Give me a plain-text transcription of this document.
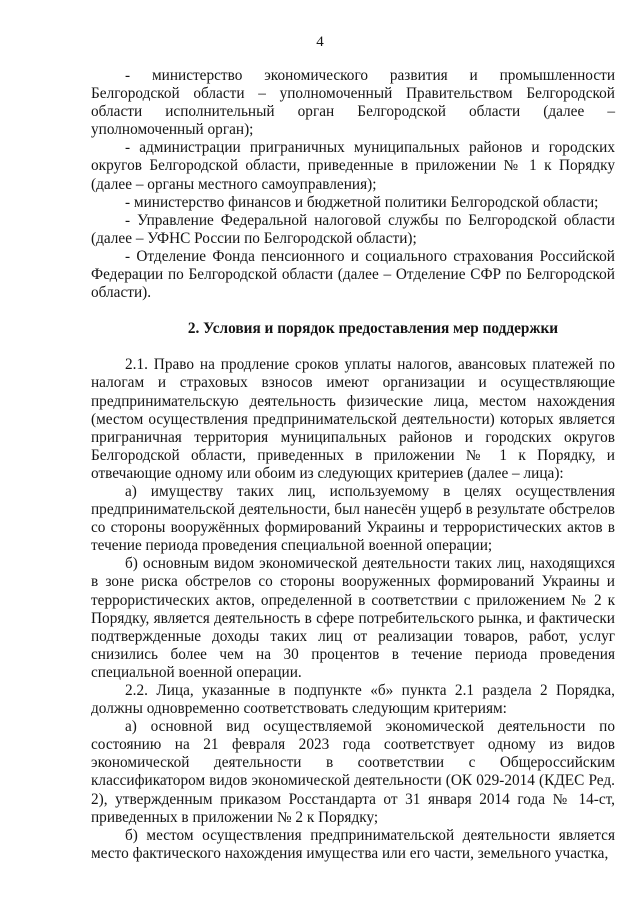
4

- министерство экономического развития и промышленности Белгородской области – уполномоченный Правительством Белгородской области исполнительный орган Белгородской области (далее – уполномоченный орган);

- администрации приграничных муниципальных районов и городских округов Белгородской области, приведенные в приложении № 1 к Порядку (далее – органы местного самоуправления);

- министерство финансов и бюджетной политики Белгородской области;

- Управление Федеральной налоговой службы по Белгородской области (далее – УФНС России по Белгородской области);

- Отделение Фонда пенсионного и социального страхования Российской Федерации по Белгородской области (далее – Отделение СФР по Белгородской области).

2. Условия и порядок предоставления мер поддержки

2.1. Право на продление сроков уплаты налогов, авансовых платежей по налогам и страховых взносов имеют организации и осуществляющие предпринимательскую деятельность физические лица, местом нахождения (местом осуществления предпринимательской деятельности) которых является приграничная территория муниципальных районов и городских округов Белгородской области, приведенных в приложении № 1 к Порядку, и отвечающие одному или обоим из следующих критериев (далее – лица):

а) имуществу таких лиц, используемому в целях осуществления предпринимательской деятельности, был нанесён ущерб в результате обстрелов со стороны вооружённых формирований Украины и террористических актов в течение периода проведения специальной военной операции;

б) основным видом экономической деятельности таких лиц, находящихся в зоне риска обстрелов со стороны вооруженных формирований Украины и террористических актов, определенной в соответствии с приложением № 2 к Порядку, является деятельность в сфере потребительского рынка, и фактически подтвержденные доходы таких лиц от реализации товаров, работ, услуг снизились более чем на 30 процентов в течение периода проведения специальной военной операции.

2.2. Лица, указанные в подпункте «б» пункта 2.1 раздела 2 Порядка, должны одновременно соответствовать следующим критериям:

а) основной вид осуществляемой экономической деятельности по состоянию на 21 февраля 2023 года соответствует одному из видов экономической деятельности в соответствии с Общероссийским классификатором видов экономической деятельности (ОК 029-2014 (КДЕС Ред. 2), утвержденным приказом Росстандарта от 31 января 2014 года № 14-ст, приведенных в приложении № 2 к Порядку;

б) местом осуществления предпринимательской деятельности является место фактического нахождения имущества или его части, земельного участка,
